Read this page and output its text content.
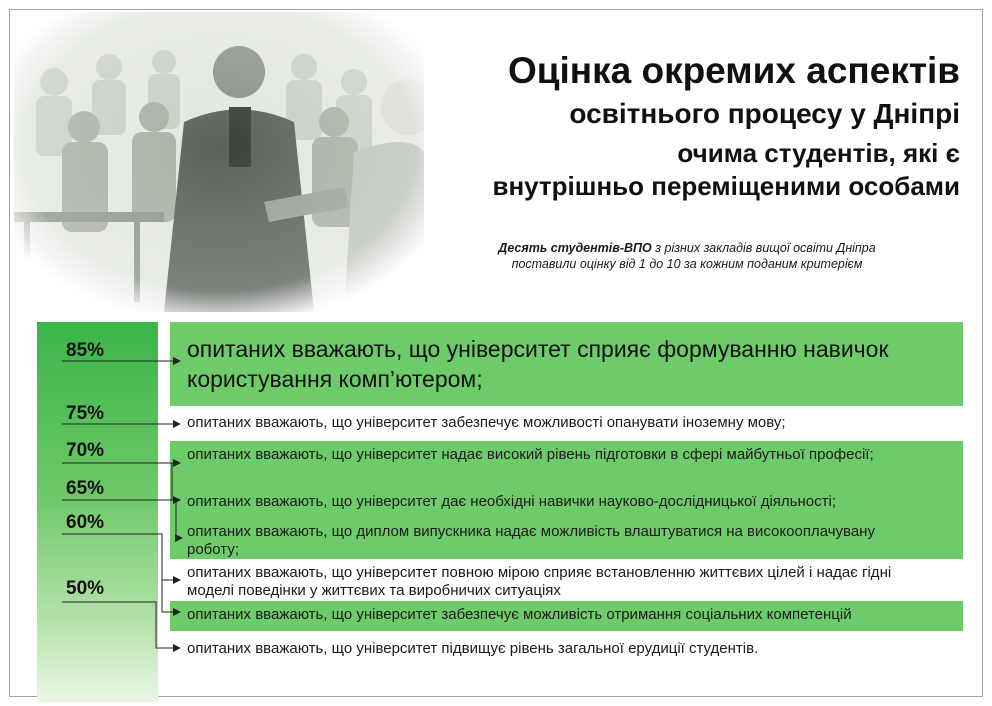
Оцінка окремих аспектів
освітнього процесу у Дніпрі
очима студентів, які є
внутрішньо переміщеними особами
Десять студентів-ВПО з різних закладів вищої освіти Дніпра
поставили оцінку від 1 до 10 за кожним поданим критерієм
85%
75%
70%
65%
60%
50%
опитаних вважають, що університет сприяє формуванню навичок користування комп’ютером;
опитаних вважають, що університет забезпечує можливості опанувати іноземну мову;
опитаних вважають, що університет надає високий рівень підготовки в сфері майбутньої професії;
опитаних вважають, що університет дає необхідні навички науково-дослідницької діяльності;
опитаних вважають, що диплом випускника надає можливість влаштуватися на високооплачувану роботу;
опитаних вважають, що університет повною мірою сприяє встановленню життєвих цілей і надає гідні моделі поведінки у життєвих та виробничих ситуаціях
опитаних вважають, що університет забезпечує можливість отримання соціальних компетенцій
опитаних вважають, що університет підвищує рівень загальної ерудиції студентів.
